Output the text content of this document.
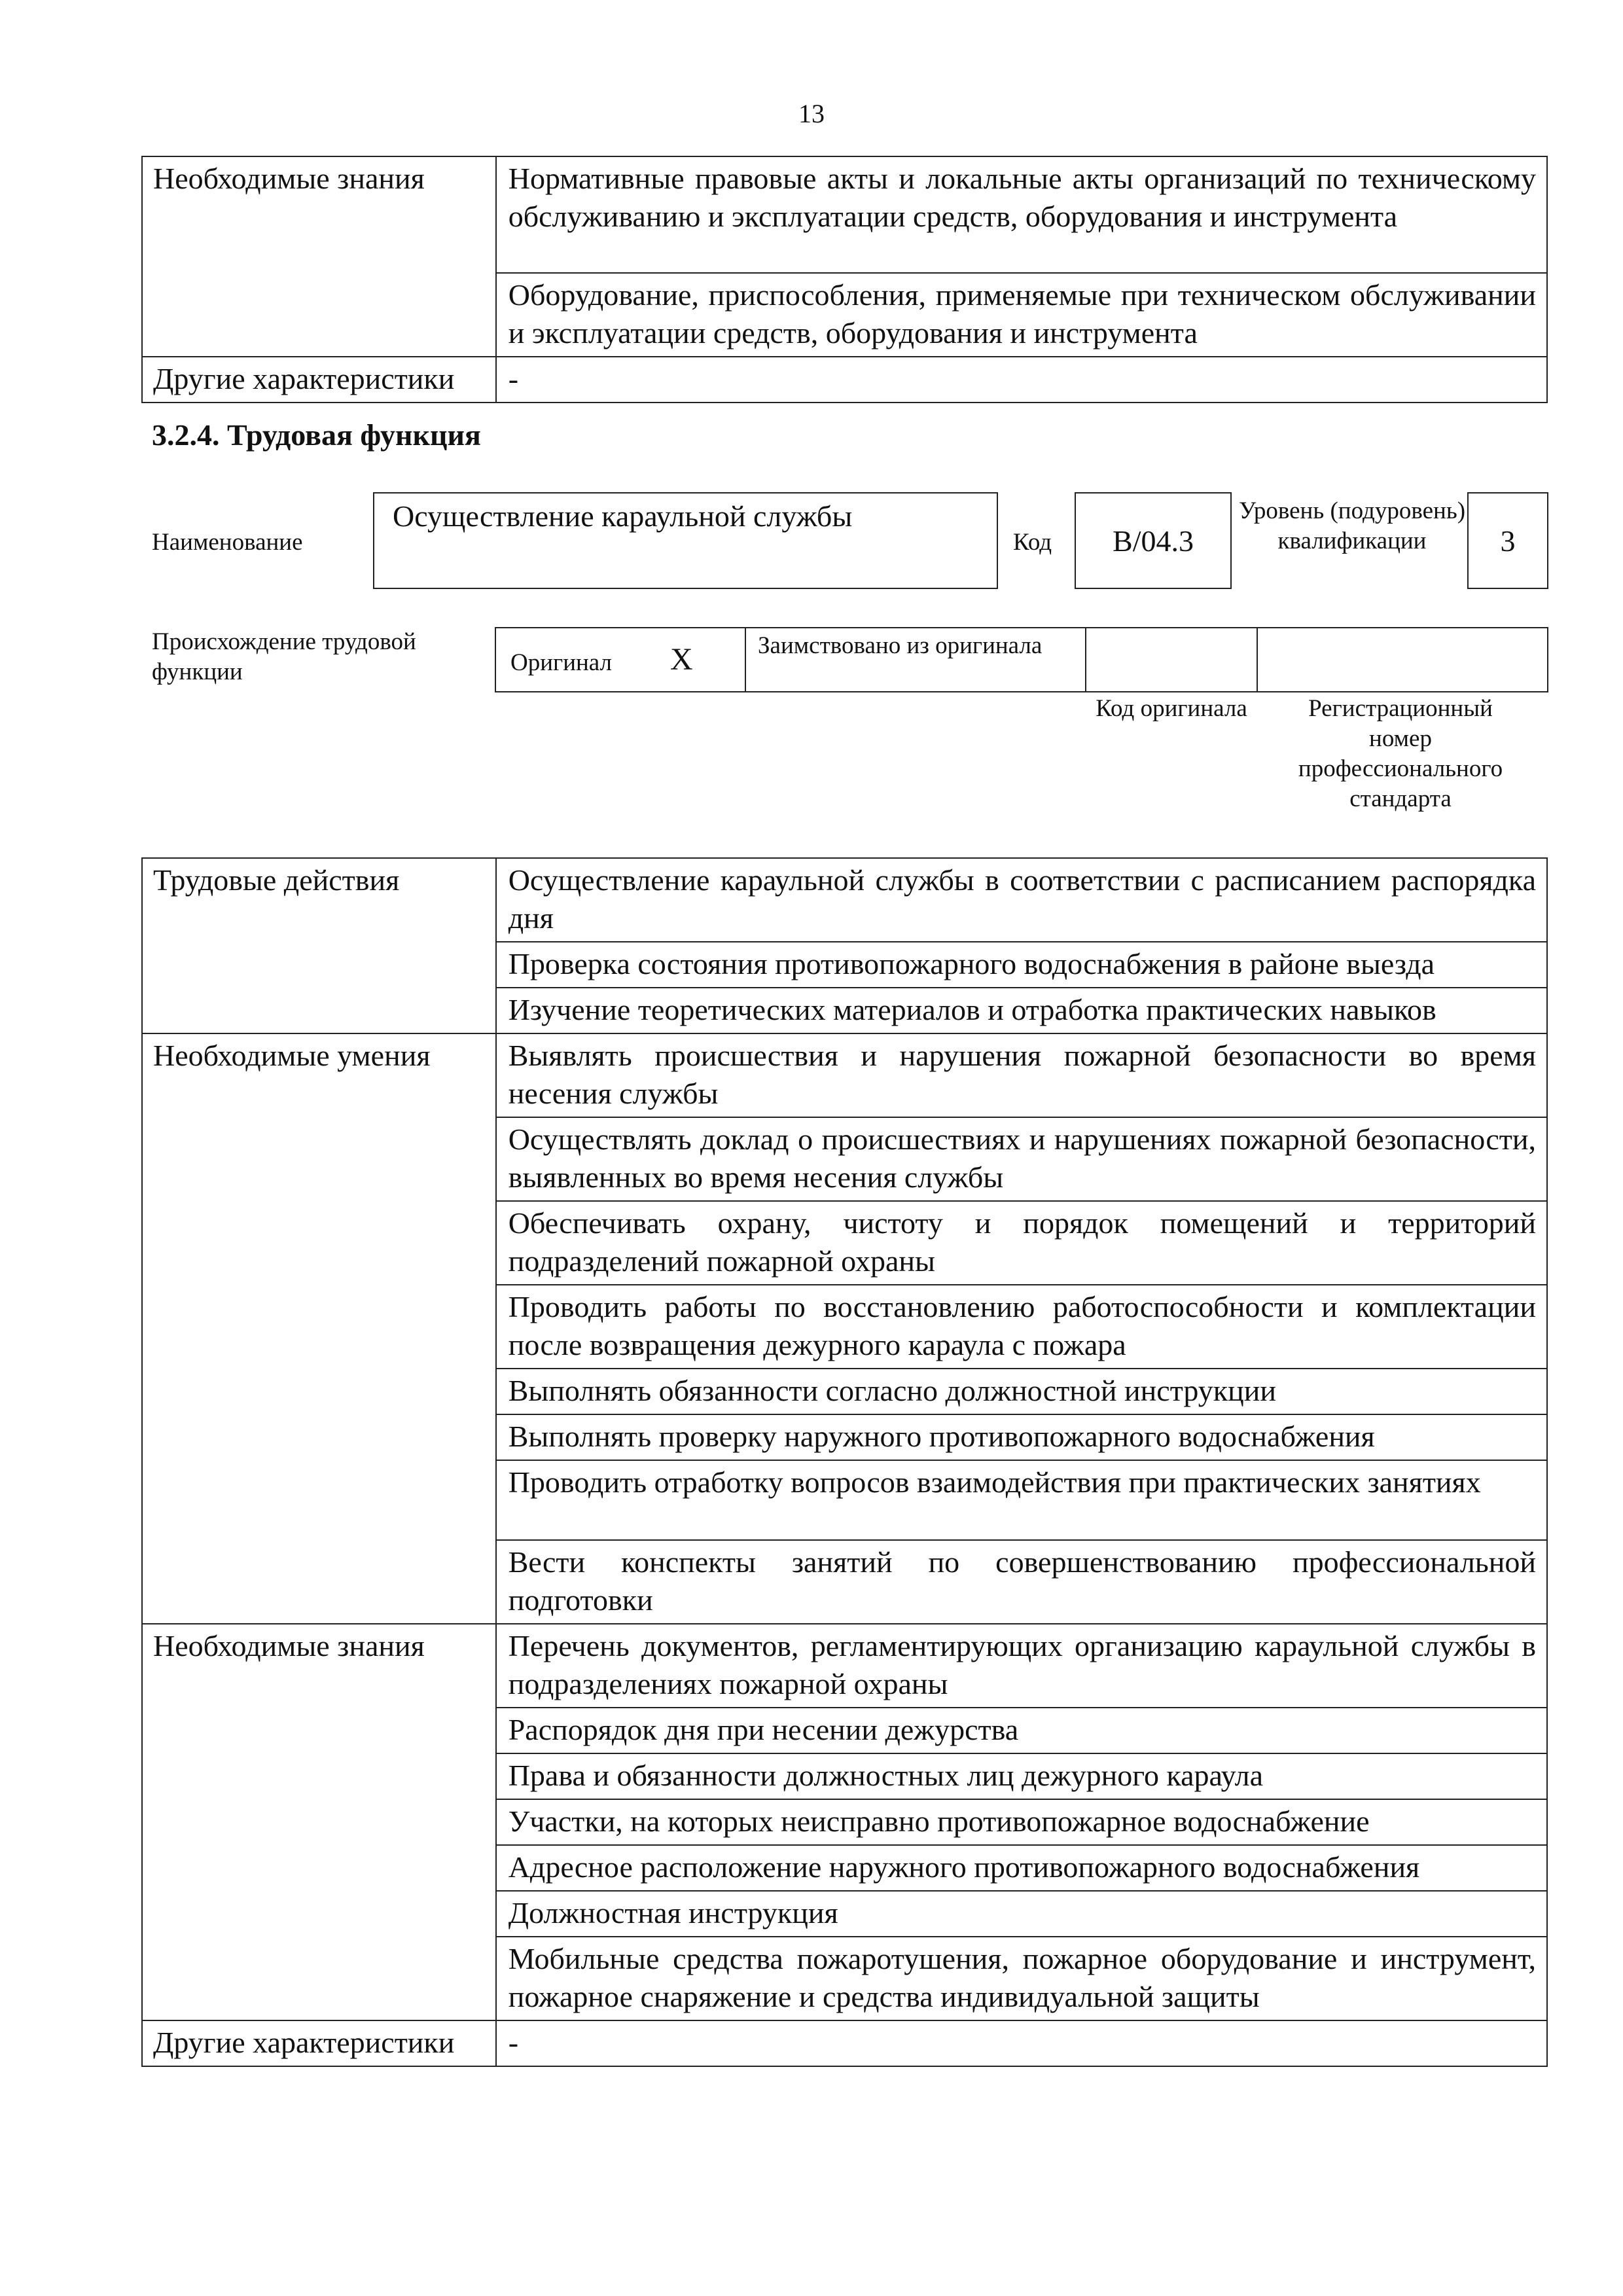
13
Необходимые знания	Нормативные правовые акты и локальные акты организаций по техническому обслуживанию и эксплуатации средств, оборудования и инструмента
	Оборудование, приспособления, применяемые при техническом обслуживании и эксплуатации средств, оборудования и инструмента
Другие характеристики	-
3.2.4. Трудовая функция
Наименование
Осуществление караульной службы
Код	B/04.3
Уровень (подуровень) квалификации	3
Происхождение трудовой функции	Оригинал X	Заимствовано из оригинала
Код оригинала	Регистрационный номер профессионального стандарта
Трудовые действия	Осуществление караульной службы в соответствии с расписанием распорядка дня
	Проверка состояния противопожарного водоснабжения в районе выезда
	Изучение теоретических материалов и отработка практических навыков
Необходимые умения	Выявлять происшествия и нарушения пожарной безопасности во время несения службы
	Осуществлять доклад о происшествиях и нарушениях пожарной безопасности, выявленных во время несения службы
	Обеспечивать охрану, чистоту и порядок помещений и территорий подразделений пожарной охраны
	Проводить работы по восстановлению работоспособности и комплектации после возвращения дежурного караула с пожара
	Выполнять обязанности согласно должностной инструкции
	Выполнять проверку наружного противопожарного водоснабжения
	Проводить отработку вопросов взаимодействия при практических занятиях
	Вести конспекты занятий по совершенствованию профессиональной подготовки
Необходимые знания	Перечень документов, регламентирующих организацию караульной службы в подразделениях пожарной охраны
	Распорядок дня при несении дежурства
	Права и обязанности должностных лиц дежурного караула
	Участки, на которых неисправно противопожарное водоснабжение
	Адресное расположение наружного противопожарного водоснабжения
	Должностная инструкция
	Мобильные средства пожаротушения, пожарное оборудование и инструмент, пожарное снаряжение и средства индивидуальной защиты
Другие характеристики	-
